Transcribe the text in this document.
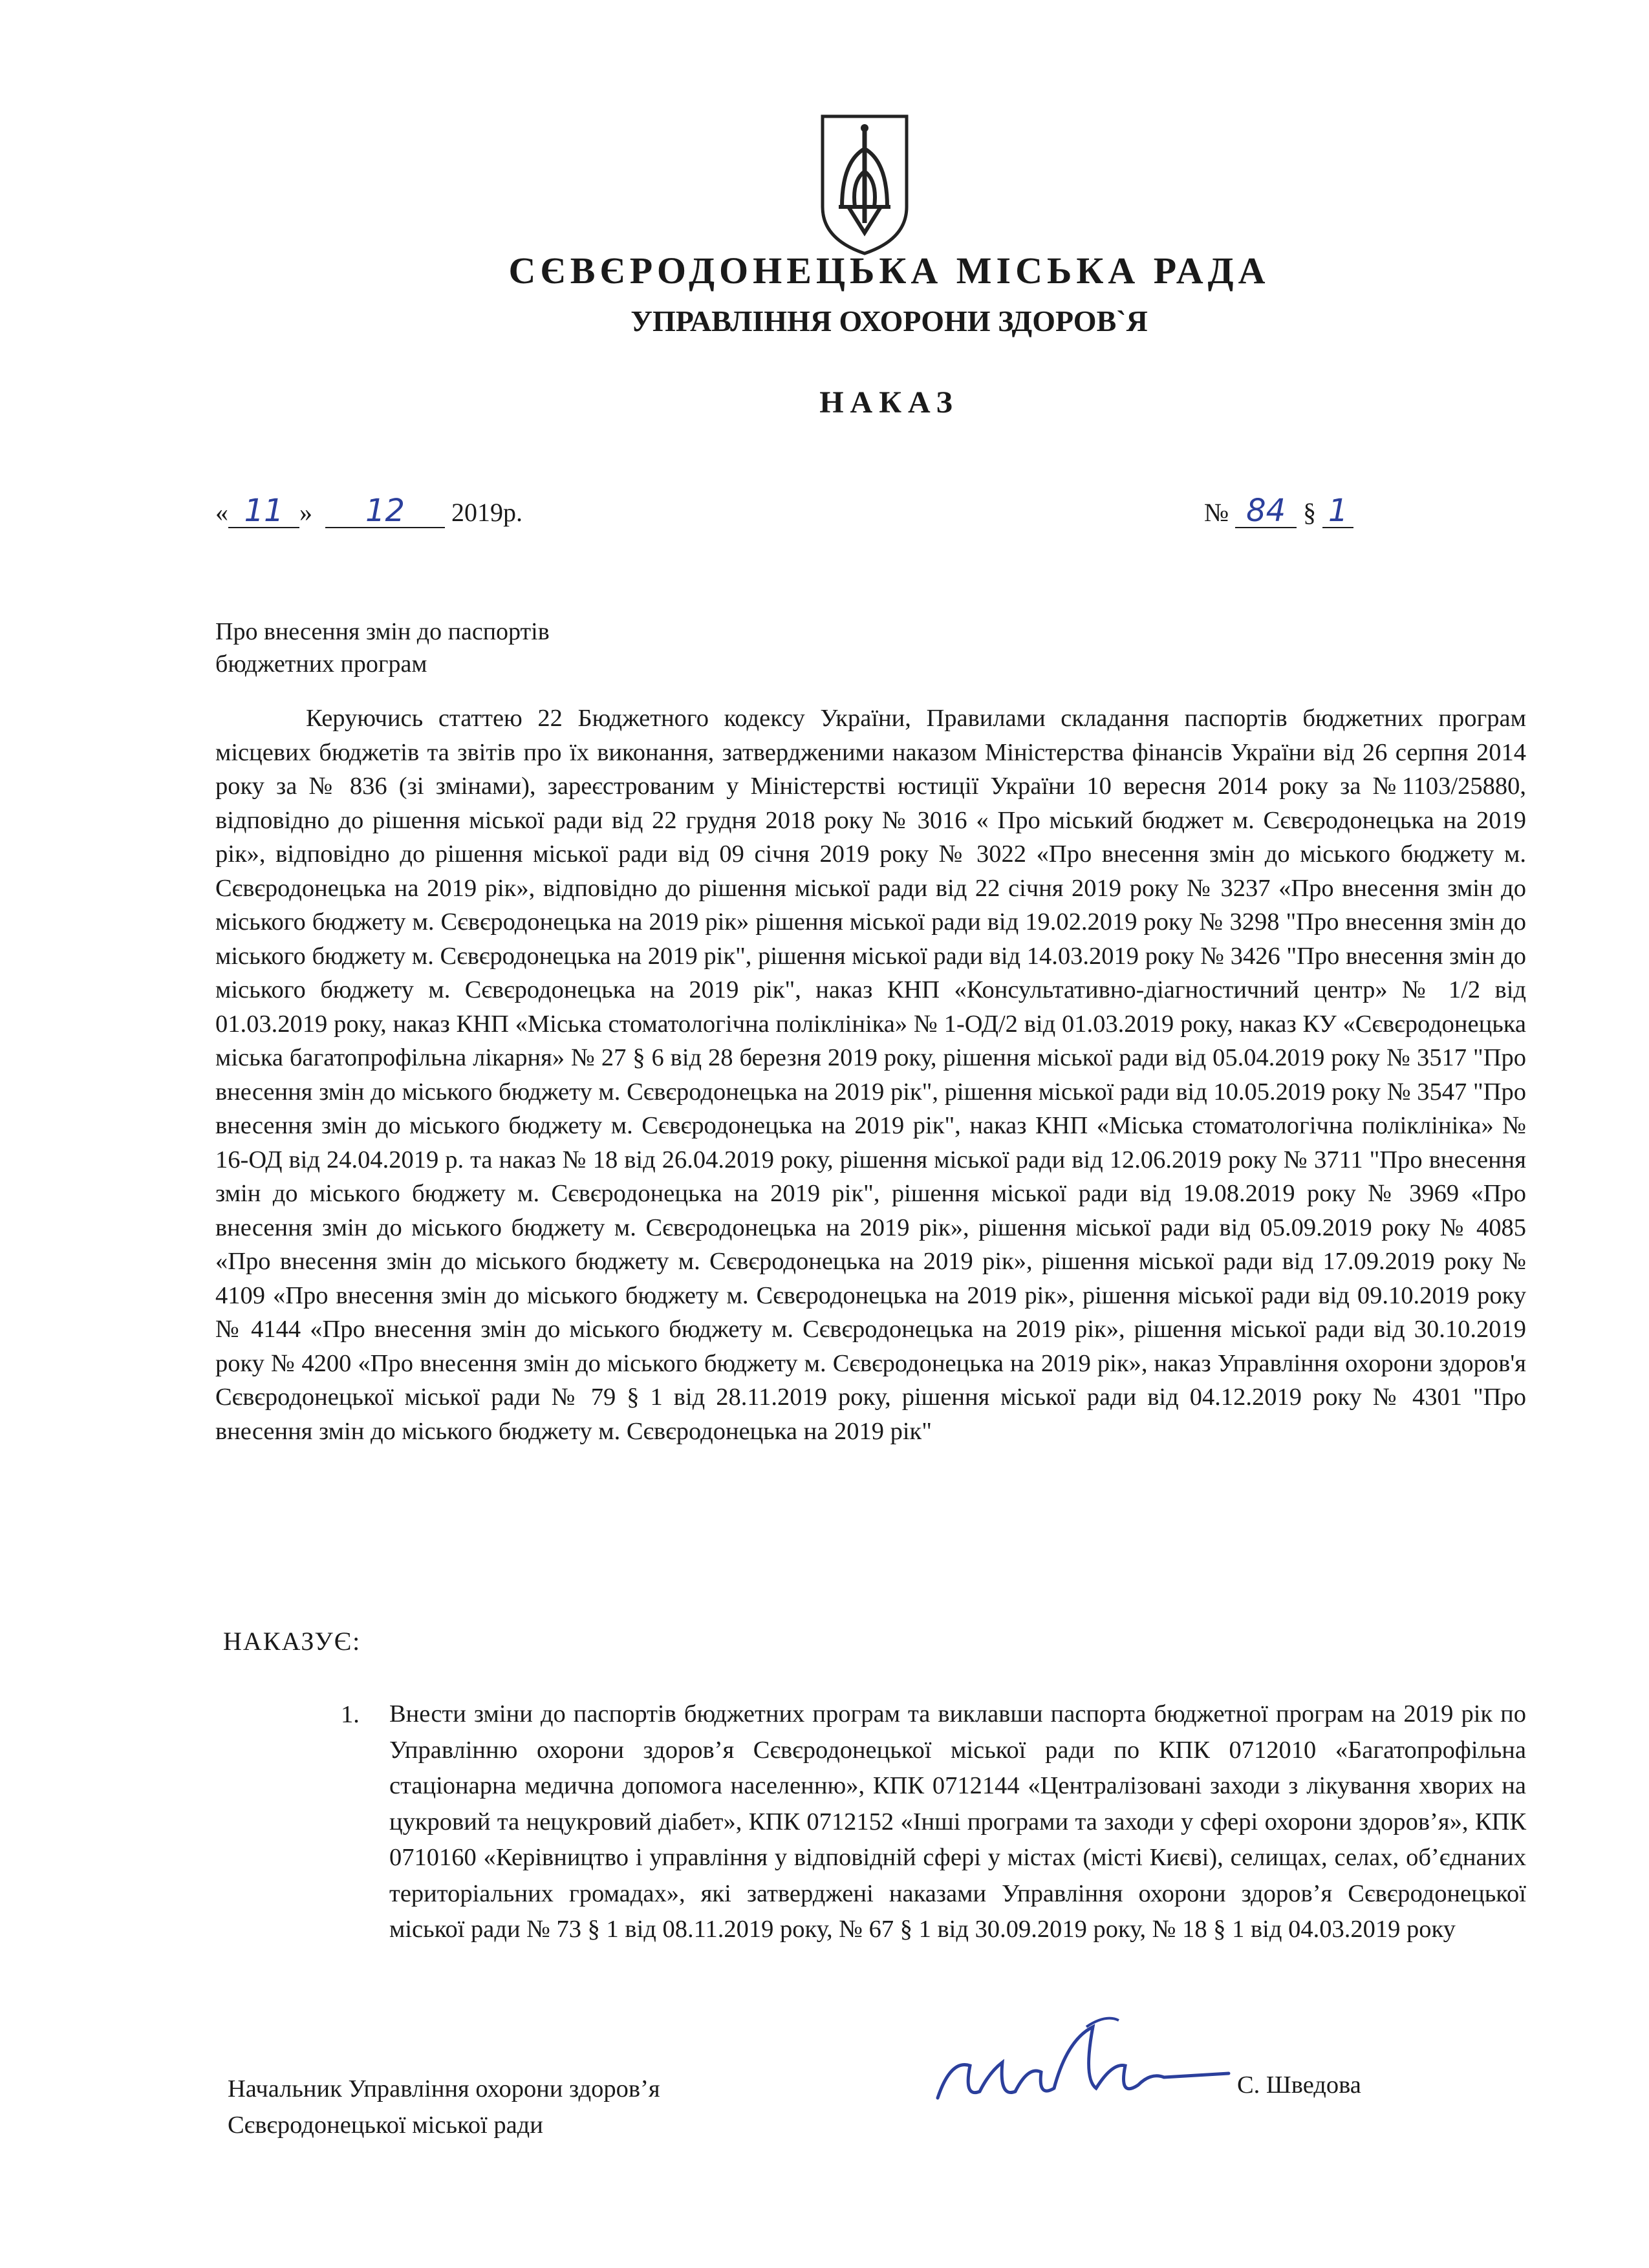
СЄВЄРОДОНЕЦЬКА МІСЬКА РАДА
УПРАВЛІННЯ ОХОРОНИ ЗДОРОВ`Я
НАКАЗ
« 11 » 12 2019р.	№ 84 § 1
Про внесення змін до паспортів
бюджетних програм
Керуючись статтею 22 Бюджетного кодексу України, Правилами складання паспортів бюджетних програм місцевих бюджетів та звітів про їх виконання, затвердженими наказом Міністерства фінансів України від 26 серпня 2014 року за № 836 (зі змінами), зареєстрованим у Міністерстві юстиції України 10 вересня 2014 року за №1103/25880, відповідно до рішення міської ради від 22 грудня 2018 року № 3016 « Про міський бюджет м. Сєвєродонецька на 2019 рік», відповідно до рішення міської ради від 09 січня 2019 року № 3022 «Про внесення змін до міського бюджету м. Сєвєродонецька на 2019 рік», відповідно до рішення міської ради від 22 січня 2019 року № 3237 «Про внесення змін до міського бюджету м. Сєвєродонецька на 2019 рік» рішення міської ради від 19.02.2019 року № 3298 "Про внесення змін до міського бюджету м. Сєвєродонецька на 2019 рік", рішення міської ради від 14.03.2019 року № 3426 "Про внесення змін до міського бюджету м. Сєвєродонецька на 2019 рік", наказ КНП «Консультативно-діагностичний центр» № 1/2 від 01.03.2019 року, наказ КНП «Міська стоматологічна поліклініка» № 1-ОД/2 від 01.03.2019 року, наказ КУ «Сєвєродонецька міська багатопрофільна лікарня» № 27 § 6 від 28 березня 2019 року, рішення міської ради від 05.04.2019 року № 3517 "Про внесення змін до міського бюджету м. Сєвєродонецька на 2019 рік", рішення міської ради від 10.05.2019 року № 3547 "Про внесення змін до міського бюджету м. Сєвєродонецька на 2019 рік", наказ КНП «Міська стоматологічна поліклініка» № 16-ОД від 24.04.2019 р. та наказ № 18 від 26.04.2019 року, рішення міської ради від 12.06.2019 року № 3711 "Про внесення змін до міського бюджету м. Сєвєродонецька на 2019 рік", рішення міської ради від 19.08.2019 року № 3969 «Про внесення змін до міського бюджету м. Сєвєродонецька на 2019 рік», рішення міської ради від 05.09.2019 року № 4085 «Про внесення змін до міського бюджету м. Сєвєродонецька на 2019 рік», рішення міської ради від 17.09.2019 року № 4109 «Про внесення змін до міського бюджету м. Сєвєродонецька на 2019 рік», рішення міської ради від 09.10.2019 року № 4144 «Про внесення змін до міського бюджету м. Сєвєродонецька на 2019 рік», рішення міської ради від 30.10.2019 року № 4200 «Про внесення змін до міського бюджету м. Сєвєродонецька на 2019 рік», наказ Управління охорони здоров'я Сєвєродонецької міської ради № 79 § 1 від 28.11.2019 року, рішення міської ради від 04.12.2019 року № 4301 "Про внесення змін до міського бюджету м. Сєвєродонецька на 2019 рік"
НАКАЗУЄ:
1. Внести зміни до паспортів бюджетних програм та виклавши паспорта бюджетної програм на 2019 рік по Управлінню охорони здоров’я Сєвєродонецької міської ради по КПК 0712010 «Багатопрофільна стаціонарна медична допомога населенню», КПК 0712144 «Централізовані заходи з лікування хворих на цукровий та нецукровий діабет», КПК 0712152 «Інші програми та заходи у сфері охорони здоров’я», КПК 0710160 «Керівництво і управління у відповідній сфері у містах (місті Києві), селищах, селах, об’єднаних територіальних громадах», які затверджені наказами Управління охорони здоров’я Сєвєродонецької міської ради № 73 § 1 від 08.11.2019 року, № 67 § 1 від 30.09.2019 року, № 18 § 1 від 04.03.2019 року
Начальник Управління охорони здоров’я
Сєвєродонецької міської ради
С. Шведова
